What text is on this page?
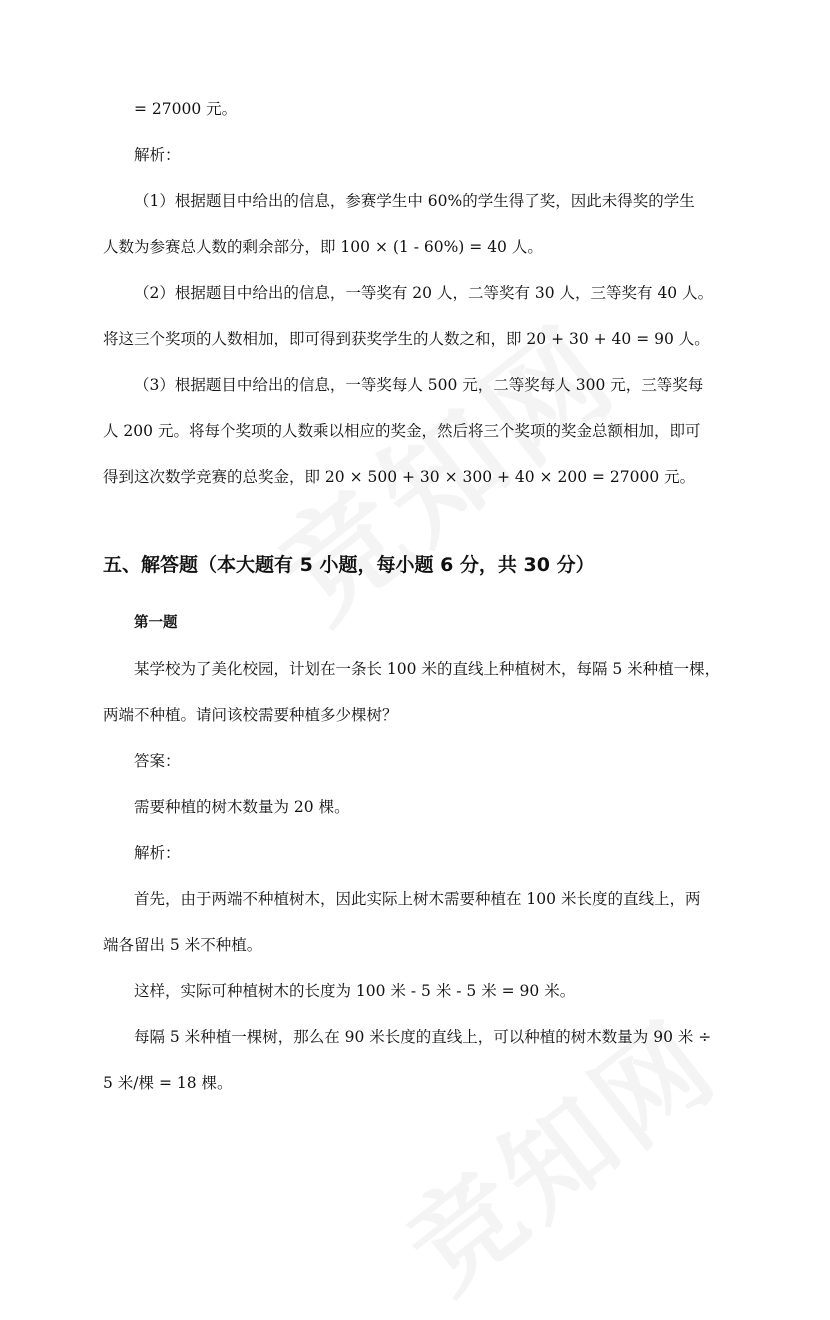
= 27000 元。

解析：

（1）根据题目中给出的信息，参赛学生中 60%的学生得了奖，因此未得奖的学生

人数为参赛总人数的剩余部分，即 100 × (1 - 60%) = 40 人。

（2）根据题目中给出的信息，一等奖有 20 人，二等奖有 30 人，三等奖有 40 人。

将这三个奖项的人数相加，即可得到获奖学生的人数之和，即 20 + 30 + 40 = 90 人。

（3）根据题目中给出的信息，一等奖每人 500 元，二等奖每人 300 元，三等奖每

人 200 元。将每个奖项的人数乘以相应的奖金，然后将三个奖项的奖金总额相加，即可

得到这次数学竞赛的总奖金，即 20 × 500 + 30 × 300 + 40 × 200 = 27000 元。

五、解答题（本大题有 5 小题，每小题 6 分，共 30 分）

第一题

某学校为了美化校园，计划在一条长 100 米的直线上种植树木，每隔 5 米种植一棵，

两端不种植。请问该校需要种植多少棵树？

答案：

需要种植的树木数量为 20 棵。

解析：

首先，由于两端不种植树木，因此实际上树木需要种植在 100 米长度的直线上，两

端各留出 5 米不种植。

这样，实际可种植树木的长度为 100 米 - 5 米 - 5 米 = 90 米。

每隔 5 米种植一棵树，那么在 90 米长度的直线上，可以种植的树木数量为 90 米 ÷

5 米/棵 = 18 棵。
